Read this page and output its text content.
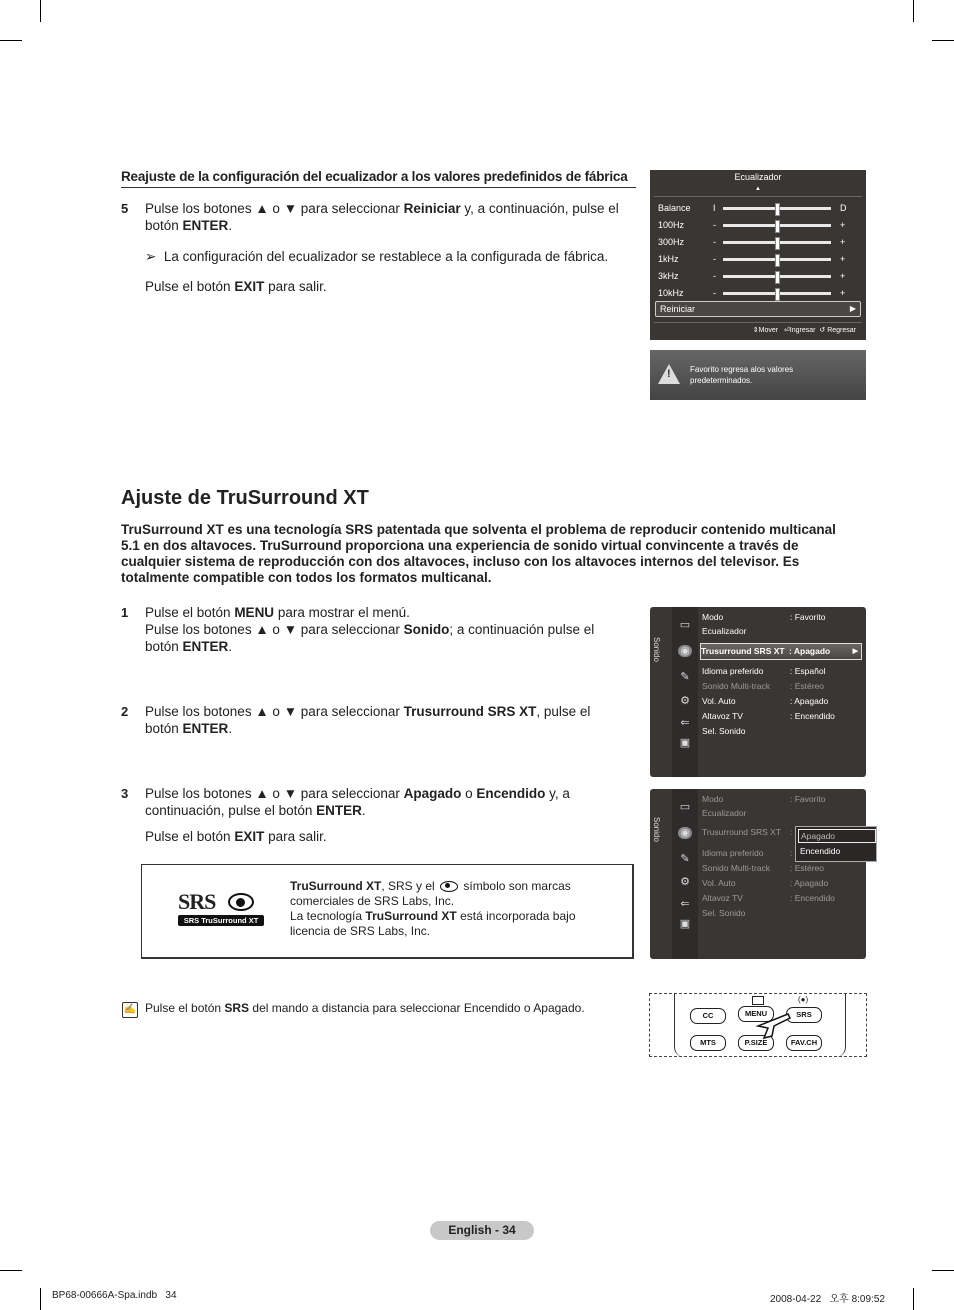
Reajuste de la configuración del ecualizador a los valores predefinidos de fábrica
5 Pulse los botones ▲ o ▼ para seleccionar Reiniciar y, a continuación, pulse el
botón ENTER.
➢ La configuración del ecualizador se restablece a la configurada de fábrica.
Pulse el botón EXIT para salir.
Ecualizador
▲
Reiniciar	▶
⇕Mover ⏎Ingresar ↺ Regresar
Balance I	D
100Hz	-	+
300Hz	-	+
1kHz	-	+
3kHz	-	+
10kHz	-	+
! Favorito regresa alos valores
predeterminados.
Ajuste de TruSurround XT
TruSurround XT es una tecnología SRS patentada que solventa el problema de reproducir contenido multicanal
5.1 en dos altavoces. TruSurround proporciona una experiencia de sonido virtual convincente a través de
cualquier sistema de reproducción con dos altavoces, incluso con los altavoces internos del televisor. Es
totalmente compatible con todos los formatos multicanal.
1 Pulse el botón MENU para mostrar el menú.
Pulse los botones ▲ o ▼ para seleccionar Sonido; a continuación pulse el
botón ENTER.
2 Pulse los botones ▲ o ▼ para seleccionar Trusurround SRS XT, pulse el
botón ENTER.
3 Pulse los botones ▲ o ▼ para seleccionar Apagado o Encendido y, a
continuación, pulse el botón ENTER.
Pulse el botón EXIT para salir.
Sonido
▭
◉
✎
⚙
⇐
▣
Modo	: Favorito
Ecualizador
Trusurround SRS XT : Apagado	▶
Idioma preferido	: Español
Sonido Multi-track : Estéreo
Vol. Auto	: Apagado
Altavoz TV	: Encendido
Sel. Sonido
Sonido
▭
◉
✎
⚙
⇐
▣
Apagado
Encendido
Modo	: Favorito
Ecualizador
Trusurround SRS XT :
Idioma preferido	:
Sonido Multi-track : Estéreo
Vol. Auto	: Apagado
Altavoz TV	: Encendido
Sel. Sonido
SRS
SRS TruSurround XT
TruSurround XT, SRS y el símbolo son marcas
comerciales de SRS Labs, Inc.
La tecnología TruSurround XT está incorporada bajo
licencia de SRS Labs, Inc.
✍ Pulse el botón SRS del mando a distancia para seleccionar Encendido o Apagado.
(●)
CC	MENU	SRS
MTS	P.SIZE	FAV.CH
English - 34
BP68-00666A-Spa.indb   34	2008-04-22   오후 8:09:52
